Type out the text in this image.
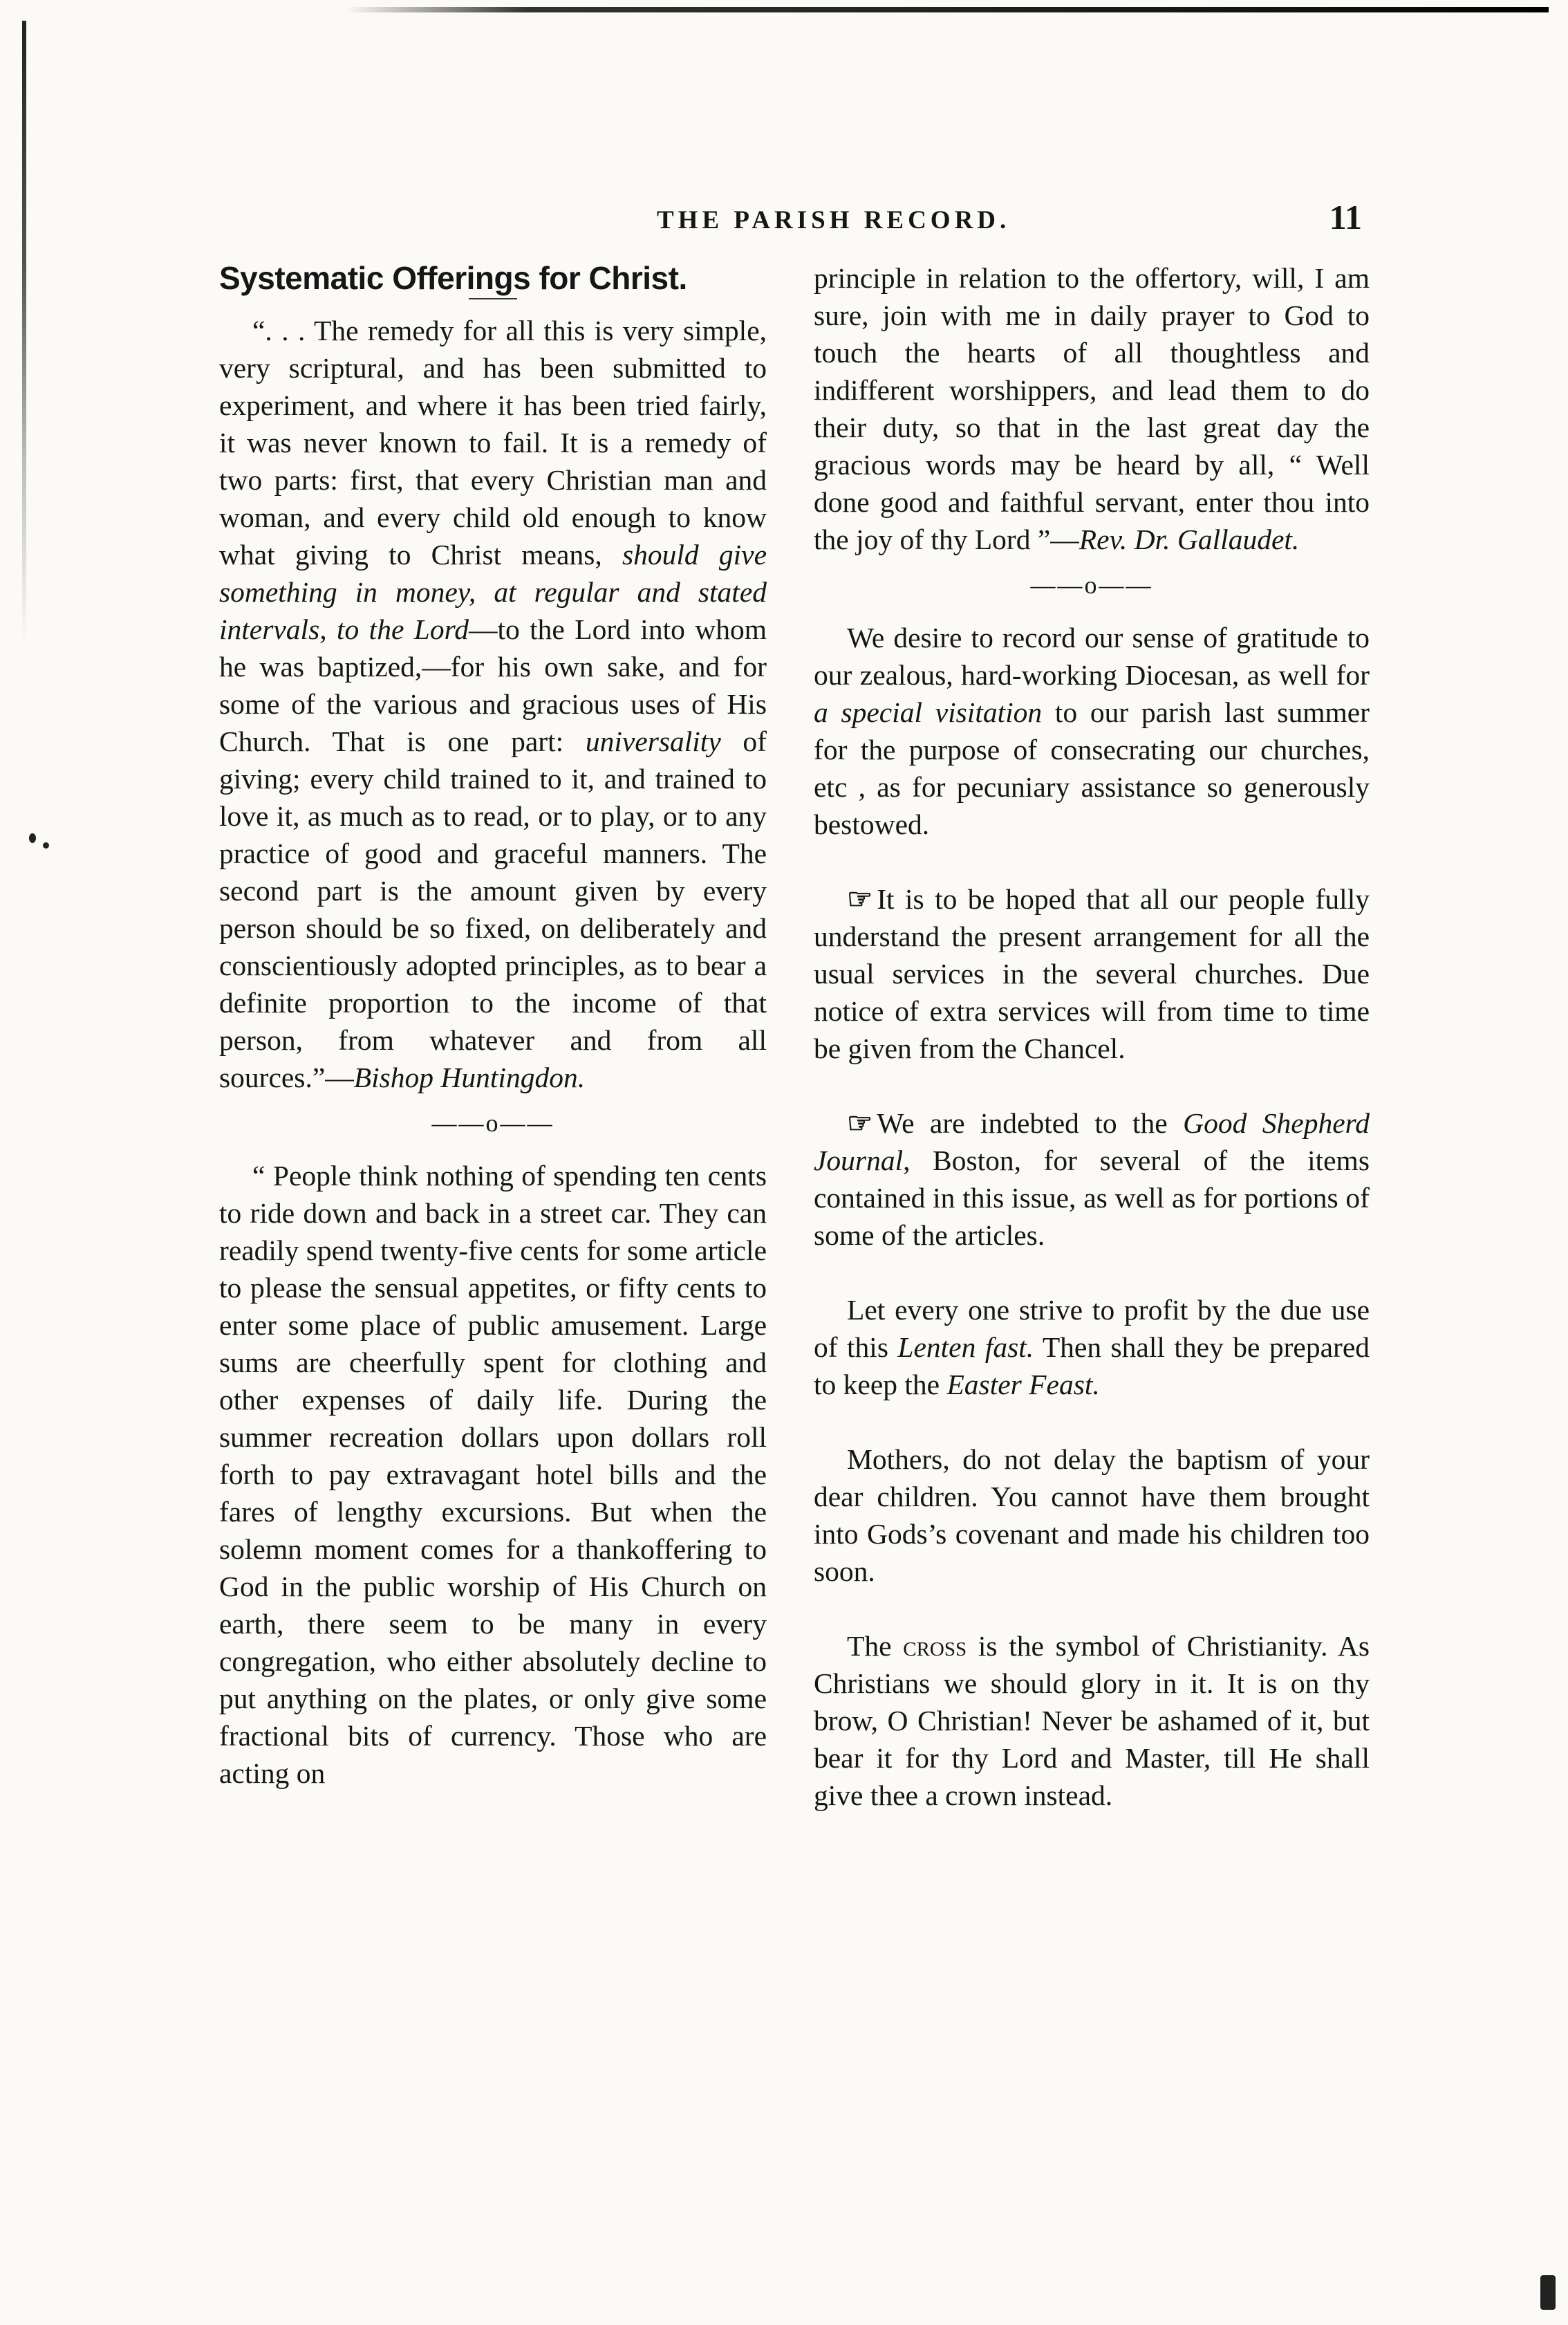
THE PARISH RECORD.	11
Systematic Offerings for Christ.

“. . . The remedy for all this is very simple, very scriptural, and has been submitted to experiment, and where it has been tried fairly, it was never known to fail. It is a remedy of two parts: first, that every Christian man and woman, and every child old enough to know what giving to Christ means, should give something in money, at regular and stated intervals, to the Lord—to the Lord into whom he was baptized,—for his own sake, and for some of the various and gracious uses of His Church. That is one part: universality of giving; every child trained to it, and trained to love it, as much as to read, or to play, or to any practice of good and graceful manners. The second part is the amount given by every person should be so fixed, on deliberately and conscientiously adopted principles, as to bear a definite proportion to the income of that person, from whatever and from all sources.”—Bishop Huntingdon.

——o——

“ People think nothing of spending ten cents to ride down and back in a street car. They can readily spend twenty-five cents for some article to please the sensual appetites, or fifty cents to enter some place of public amusement. Large sums are cheerfully spent for clothing and other expenses of daily life. During the summer recreation dollars upon dollars roll forth to pay extravagant hotel bills and the fares of lengthy excursions. But when the solemn moment comes for a thankoffering to God in the public worship of His Church on earth, there seem to be many in every congregation, who either absolutely decline to put anything on the plates, or only give some fractional bits of currency. Those who are acting on

principle in relation to the offertory, will, I am sure, join with me in daily prayer to God to touch the hearts of all thoughtless and indifferent worshippers, and lead them to do their duty, so that in the last great day the gracious words may be heard by all, “ Well done good and faithful servant, enter thou into the joy of thy Lord ”—Rev. Dr. Gallaudet.

——o——

We desire to record our sense of gratitude to our zealous, hard-working Diocesan, as well for a special visitation to our parish last summer for the purpose of consecrating our churches, etc , as for pecuniary assistance so generously bestowed.

☞ It is to be hoped that all our people fully understand the present arrangement for all the usual services in the several churches. Due notice of extra services will from time to time be given from the Chancel.

☞ We are indebted to the Good Shepherd Journal, Boston, for several of the items contained in this issue, as well as for portions of some of the articles.

Let every one strive to profit by the due use of this Lenten fast. Then shall they be prepared to keep the Easter Feast.

Mothers, do not delay the baptism of your dear children. You cannot have them brought into Gods’s covenant and made his children too soon.

The cross is the symbol of Christianity. As Christians we should glory in it. It is on thy brow, O Christian! Never be ashamed of it, but bear it for thy Lord and Master, till He shall give thee a crown instead.
